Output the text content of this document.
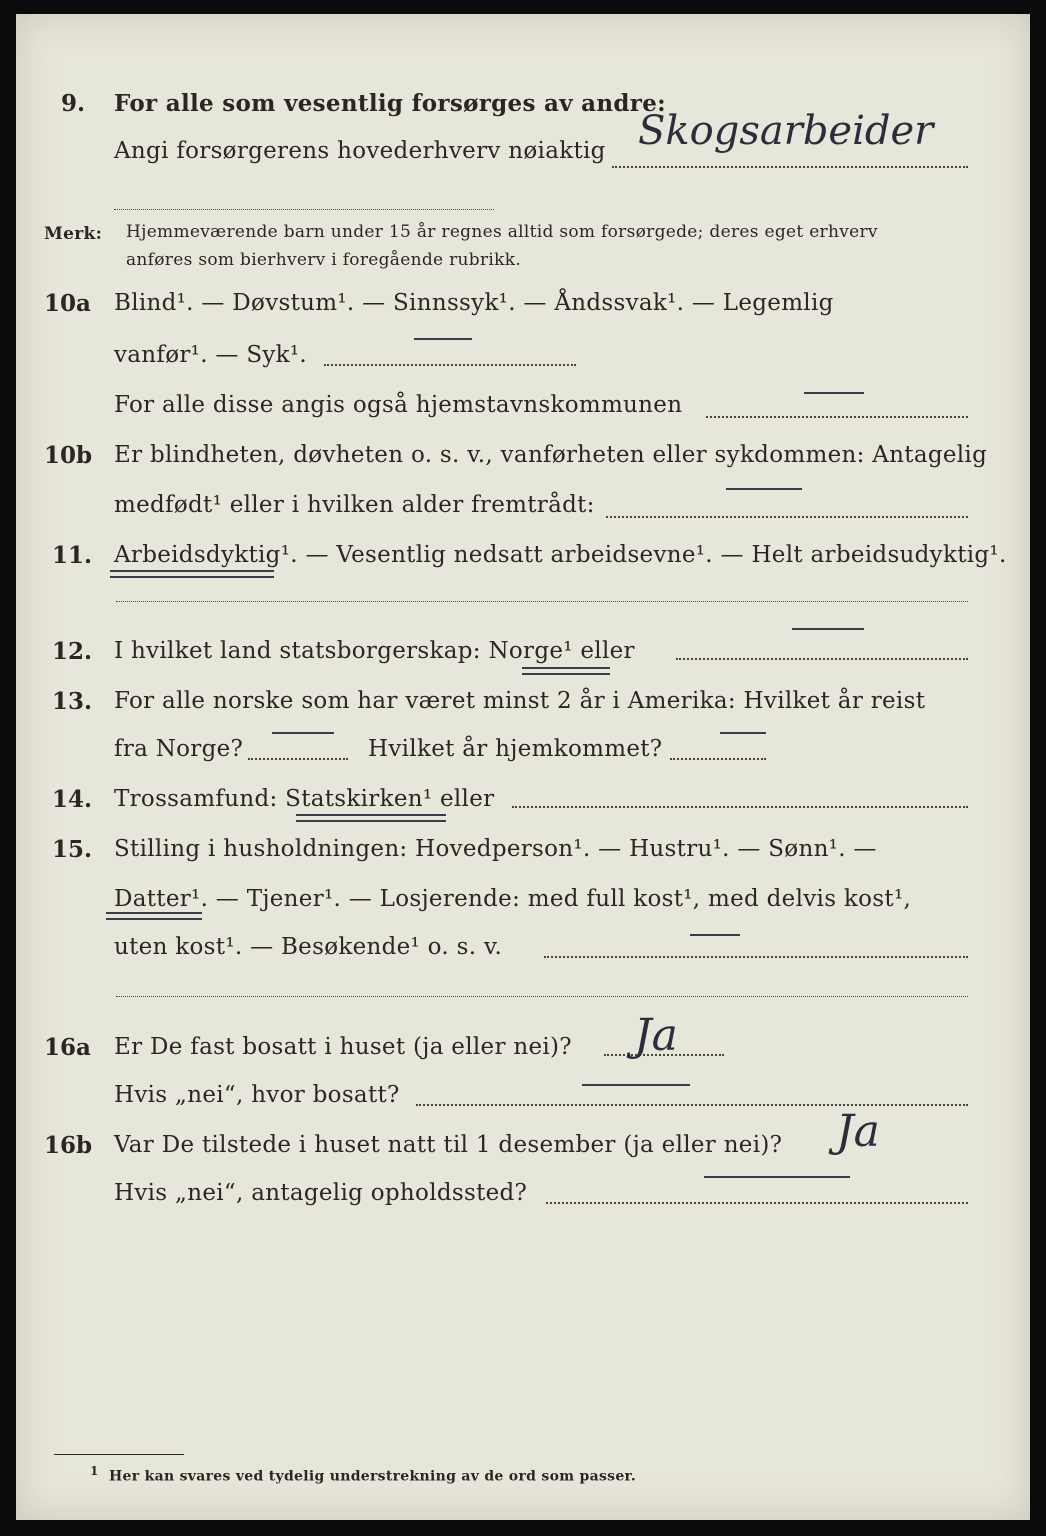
9. For alle som vesentlig forsørges av andre:
Angi forsørgerens hovederhverv nøiaktig Skogsarbeider
Merk: Hjemmeværende barn under 15 år regnes alltid som forsørgede; deres eget erhverv
anføres som bierhverv i foregående rubrikk.
10a Blind¹. — Døvstum¹. — Sinnssyk¹. — Åndssvak¹. — Legemlig
vanfør¹. — Syk¹.
For alle disse angis også hjemstavnskommunen
10b Er blindheten, døvheten o. s. v., vanførheten eller sykdommen: Antagelig
medfødt¹ eller i hvilken alder fremtrådt:
11. Arbeidsdyktig¹. — Vesentlig nedsatt arbeidsevne¹. — Helt arbeidsudyktig¹.
12. I hvilket land statsborgerskap: Norge¹ eller
13. For alle norske som har været minst 2 år i Amerika: Hvilket år reist
fra Norge?	Hvilket år hjemkommet?
14. Trossamfund: Statskirken¹ eller
15. Stilling i husholdningen: Hovedperson¹. — Hustru¹. — Sønn¹. —
Datter¹. — Tjener¹. — Losjerende: med full kost¹, med delvis kost¹,
uten kost¹. — Besøkende¹ o. s. v.
16a Er De fast bosatt i huset (ja eller nei)? Ja
Hvis „nei“, hvor bosatt?
16b Var De tilstede i huset natt til 1 desember (ja eller nei)? Ja
Hvis „nei“, antagelig opholdssted?
$^1$ Her kan svares ved tydelig understrekning av de ord som passer.
